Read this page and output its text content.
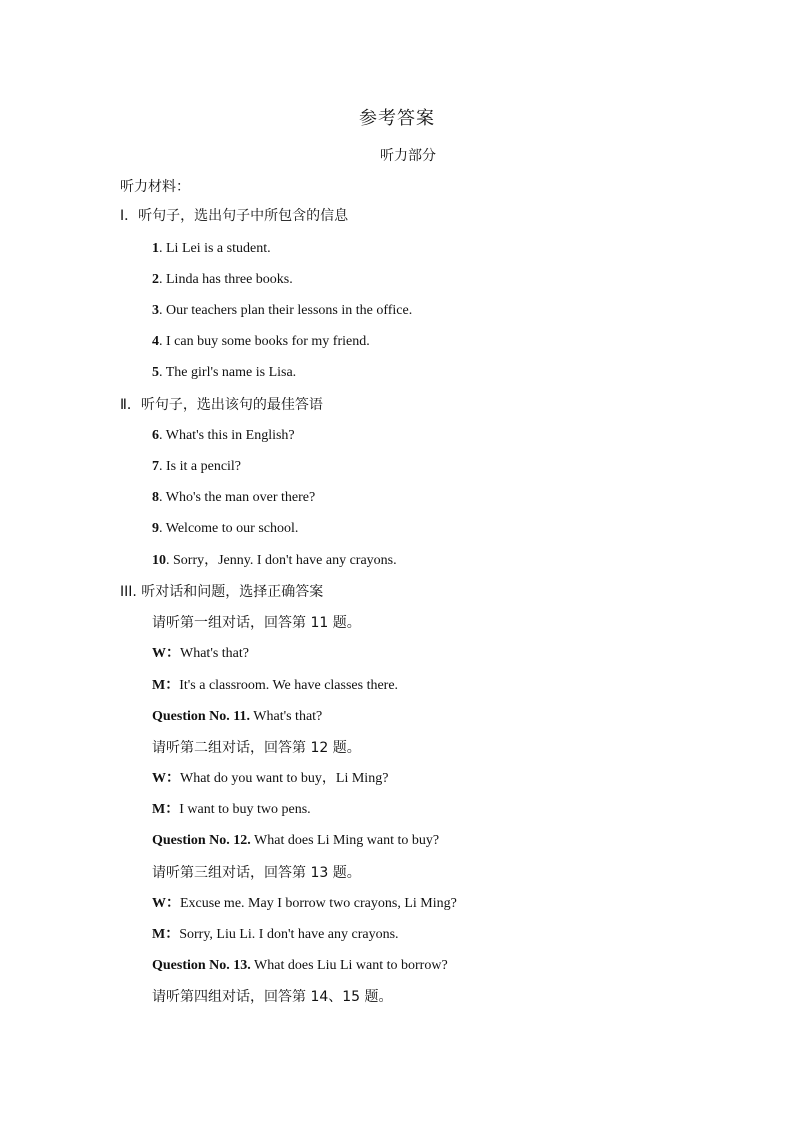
参考答案
听力部分
听力材料：
Ⅰ．听句子，选出句子中所包含的信息
1. Li Lei is a student.
2. Linda has three books.
3. Our teachers plan their lessons in the office.
4. I can buy some books for my friend.
5. The girl's name is Lisa.
Ⅱ．听句子，选出该句的最佳答语
6. What's this in English?
7. Is it a pencil?
8. Who's the man over there?
9. Welcome to our school.
10. Sorry，Jenny. I don't have any crayons.
III. 听对话和问题，选择正确答案
请听第一组对话，回答第 11 题。
W：What's that?
M：It's a classroom. We have classes there.
Question No. 11. What's that?
请听第二组对话，回答第 12 题。
W：What do you want to buy，Li Ming?
M：I want to buy two pens.
Question No. 12. What does Li Ming want to buy?
请听第三组对话，回答第 13 题。
W：Excuse me. May I borrow two crayons, Li Ming?
M：Sorry, Liu Li. I don't have any crayons.
Question No. 13. What does Liu Li want to borrow?
请听第四组对话，回答第 14、15 题。
